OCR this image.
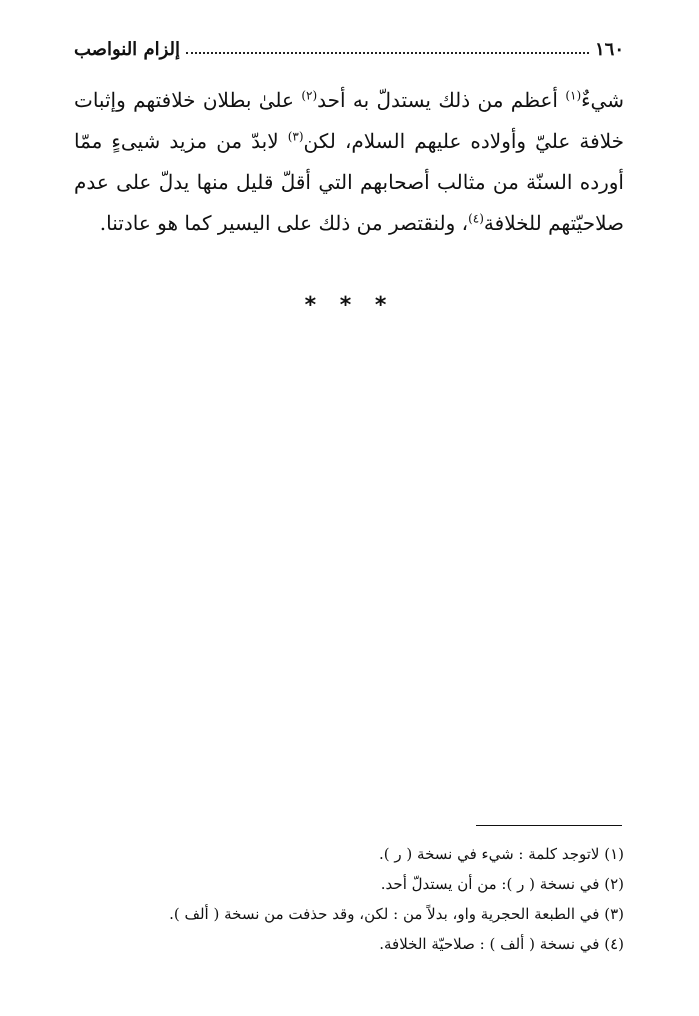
١٦٠
إلزام النواصب
شيءٌ$^{(١)}$ أعظم من ذلك يستدلّ به أحد$^{(٢)}$ علىٰ بطلان خلافتهم وإثبات خلافة عليّ وأولاده عليهم السلام، لكن$^{(٣)}$ لابدّ من مزيد شيىءٍ ممّا أورده السنّة من مثالب أصحابهم التي أقلّ قليل منها يدلّ على عدم صلاحيّتهم للخلافة$^{(٤)}$، ولنقتصر من ذلك على اليسير كما هو عادتنا.
* * *
(١) لاتوجد كلمة : شيء في نسخة ( ر ).
(٢) في نسخة ( ر ): من أن يستدلّ أحد.
(٣) في الطبعة الحجرية واو، بدلاً من : لكن، وقد حذفت من نسخة ( ألف ).
(٤) في نسخة ( ألف ) : صلاحيّة الخلافة.
